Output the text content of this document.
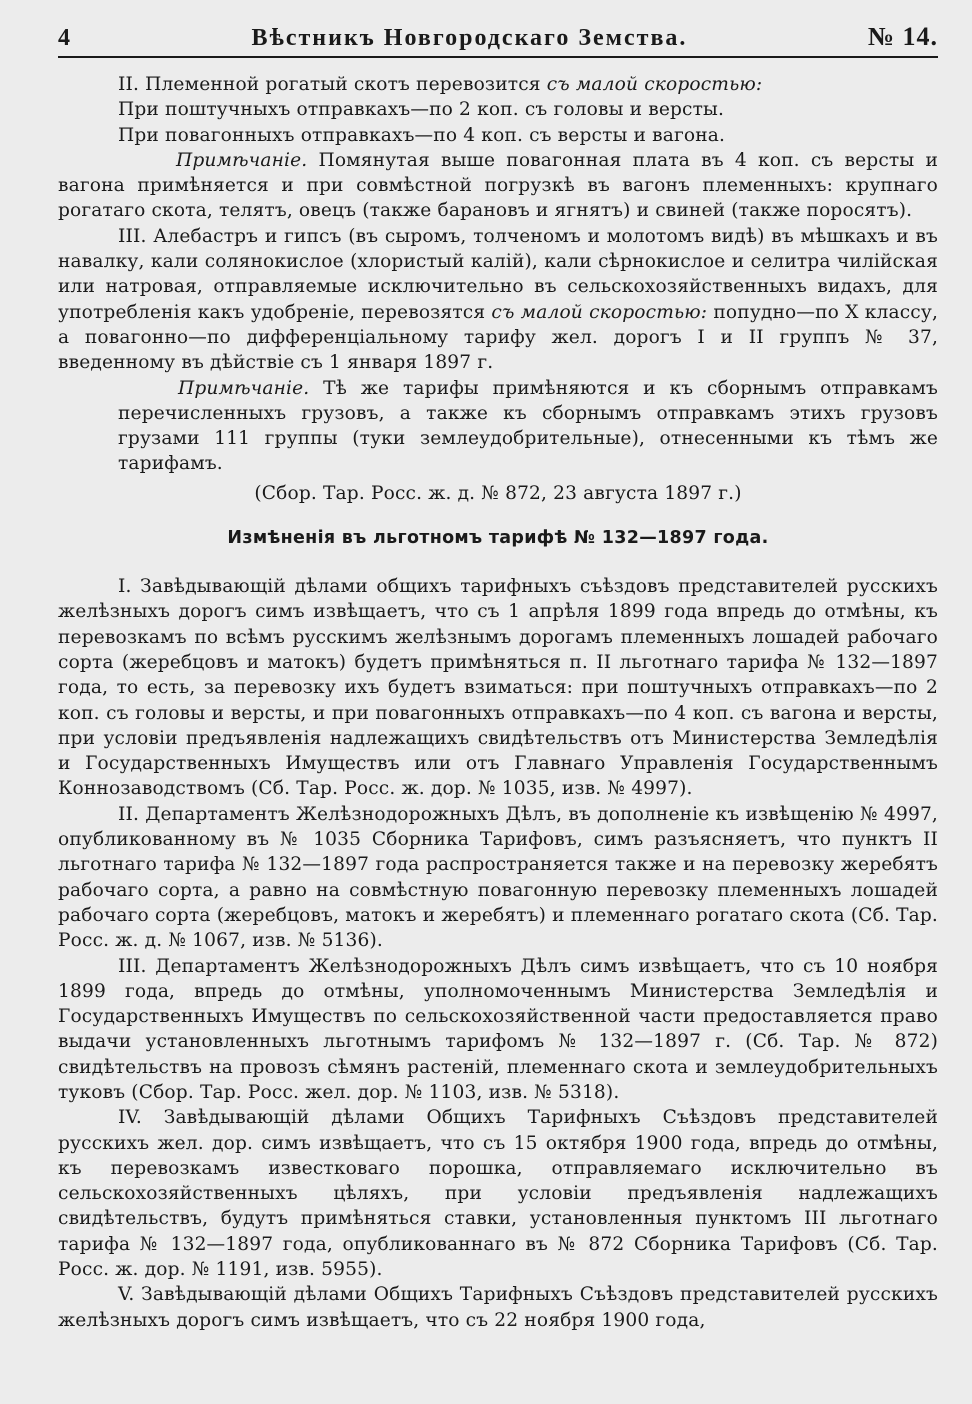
4	Вѣстникъ Новгородскаго Земства.	№ 14.

II. Племенной рогатый скотъ перевозится съ малой скоростью:

При поштучныхъ отправкахъ—по 2 коп. съ головы и версты.

При повагонныхъ отправкахъ—по 4 коп. съ версты и вагона.

Примѣчаніе. Помянутая выше повагонная плата въ 4 коп. съ версты и вагона примѣняется и при совмѣстной погрузкѣ въ вагонъ племенныхъ: крупнаго рогатаго скота, телятъ, овецъ (также барановъ и ягнятъ) и свиней (также поросятъ).

III. Алебастръ и гипсъ (въ сыромъ, толченомъ и молотомъ видѣ) въ мѣшкахъ и въ навалку, кали солянокислое (хлористый калій), кали сѣрнокислое и селитра чилійская или натровая, отправляемые исключительно въ сельскохозяйственныхъ видахъ, для употребленія какъ удобреніе, перевозятся съ малой скоростью: попудно—по X классу, а повагонно—по дифференціальному тарифу жел. дорогъ I и II группъ № 37, введенному въ дѣйствіе съ 1 января 1897 г.

Примѣчаніе. Тѣ же тарифы примѣняются и къ сборнымъ отправкамъ перечисленныхъ грузовъ, а также къ сборнымъ отправкамъ этихъ грузовъ грузами 111 группы (туки землеудобрительные), отнесенными къ тѣмъ же тарифамъ.

(Сбор. Тар. Росс. ж. д. № 872, 23 августа 1897 г.)

Измѣненія въ льготномъ тарифѣ № 132—1897 года.

I. Завѣдывающій дѣлами общихъ тарифныхъ съѣздовъ представителей русскихъ желѣзныхъ дорогъ симъ извѣщаетъ, что съ 1 апрѣля 1899 года впредь до отмѣны, къ перевозкамъ по всѣмъ русскимъ желѣзнымъ дорогамъ племенныхъ лошадей рабочаго сорта (жеребцовъ и матокъ) будетъ примѣняться п. II льготнаго тарифа № 132—1897 года, то есть, за перевозку ихъ будетъ взиматься: при поштучныхъ отправкахъ—по 2 коп. съ головы и версты, и при повагонныхъ отправкахъ—по 4 коп. съ вагона и версты, при условіи предъявленія надлежащихъ свидѣтельствъ отъ Министерства Земледѣлія и Государственныхъ Имуществъ или отъ Главнаго Управленія Государственнымъ Коннозаводствомъ (Сб. Тар. Росс. ж. дор. № 1035, изв. № 4997).

II. Департаментъ Желѣзнодорожныхъ Дѣлъ, въ дополненіе къ извѣщенію № 4997, опубликованному въ № 1035 Сборника Тарифовъ, симъ разъясняетъ, что пунктъ II льготнаго тарифа № 132—1897 года распространяется также и на перевозку жеребятъ рабочаго сорта, а равно на совмѣстную повагонную перевозку племенныхъ лошадей рабочаго сорта (жеребцовъ, матокъ и жеребятъ) и племеннаго рогатаго скота (Сб. Тар. Росс. ж. д. № 1067, изв. № 5136).

III. Департаментъ Желѣзнодорожныхъ Дѣлъ симъ извѣщаетъ, что съ 10 ноября 1899 года, впредь до отмѣны, уполномоченнымъ Министерства Земледѣлія и Государственныхъ Имуществъ по сельскохозяйственной части предоставляется право выдачи установленныхъ льготнымъ тарифомъ № 132—1897 г. (Сб. Тар. № 872) свидѣтельствъ на провозъ сѣмянъ растеній, племеннаго скота и землеудобрительныхъ туковъ (Сбор. Тар. Росс. жел. дор. № 1103, изв. № 5318).

IV. Завѣдывающій дѣлами Общихъ Тарифныхъ Съѣздовъ представителей русскихъ жел. дор. симъ извѣщаетъ, что съ 15 октября 1900 года, впредь до отмѣны, къ перевозкамъ известковаго порошка, отправляемаго исключительно въ сельскохозяйственныхъ цѣляхъ, при условіи предъявленія надлежащихъ свидѣтельствъ, будутъ примѣняться ставки, установленныя пунктомъ III льготнаго тарифа № 132—1897 года, опубликованнаго въ № 872 Сборника Тарифовъ (Сб. Тар. Росс. ж. дор. № 1191, изв. 5955).

V. Завѣдывающій дѣлами Общихъ Тарифныхъ Съѣздовъ представителей русскихъ желѣзныхъ дорогъ симъ извѣщаетъ, что съ 22 ноября 1900 года,
